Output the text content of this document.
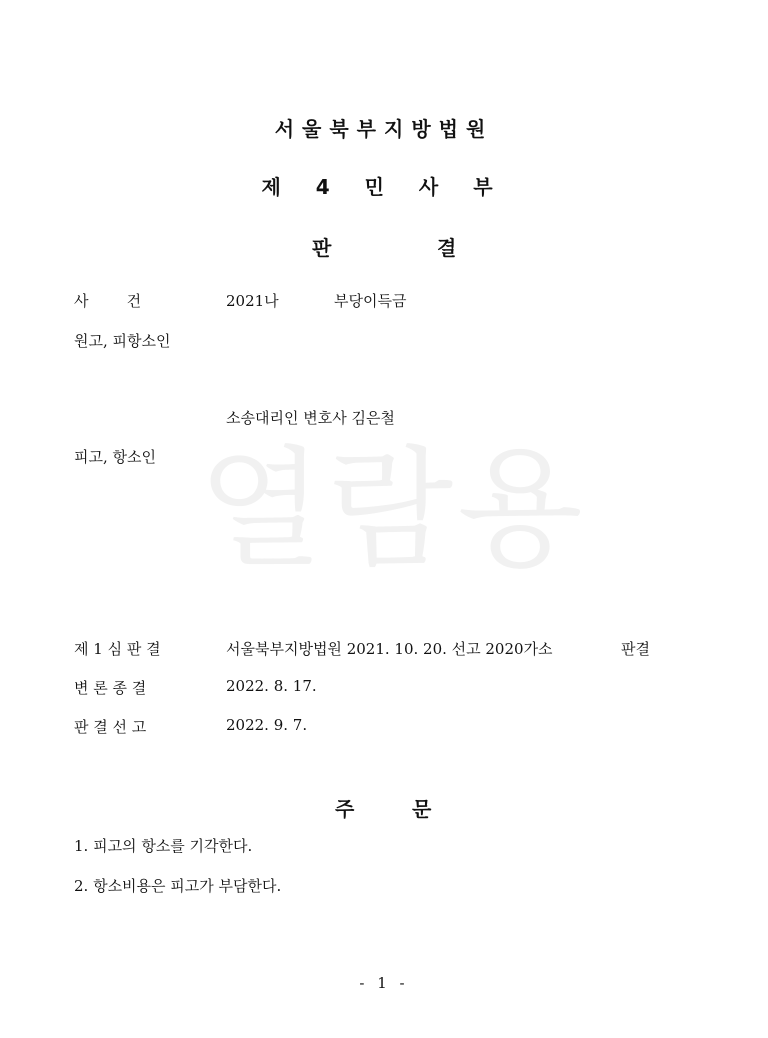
열람용
서울북부지방법원
제 4 민 사 부
판	결
사        건	2021나	부당이득금
원고, 피항소인
소송대리인 변호사 김은철
피고, 항소인
제 1 심 판 결	서울북부지방법원 2021. 10. 20. 선고 2020가소	판결
변 론 종 결	2022. 8. 17.
판 결 선 고	2022. 9. 7.
주	문
1. 피고의 항소를 기각한다.
2. 항소비용은 피고가 부담한다.
- 1 -
